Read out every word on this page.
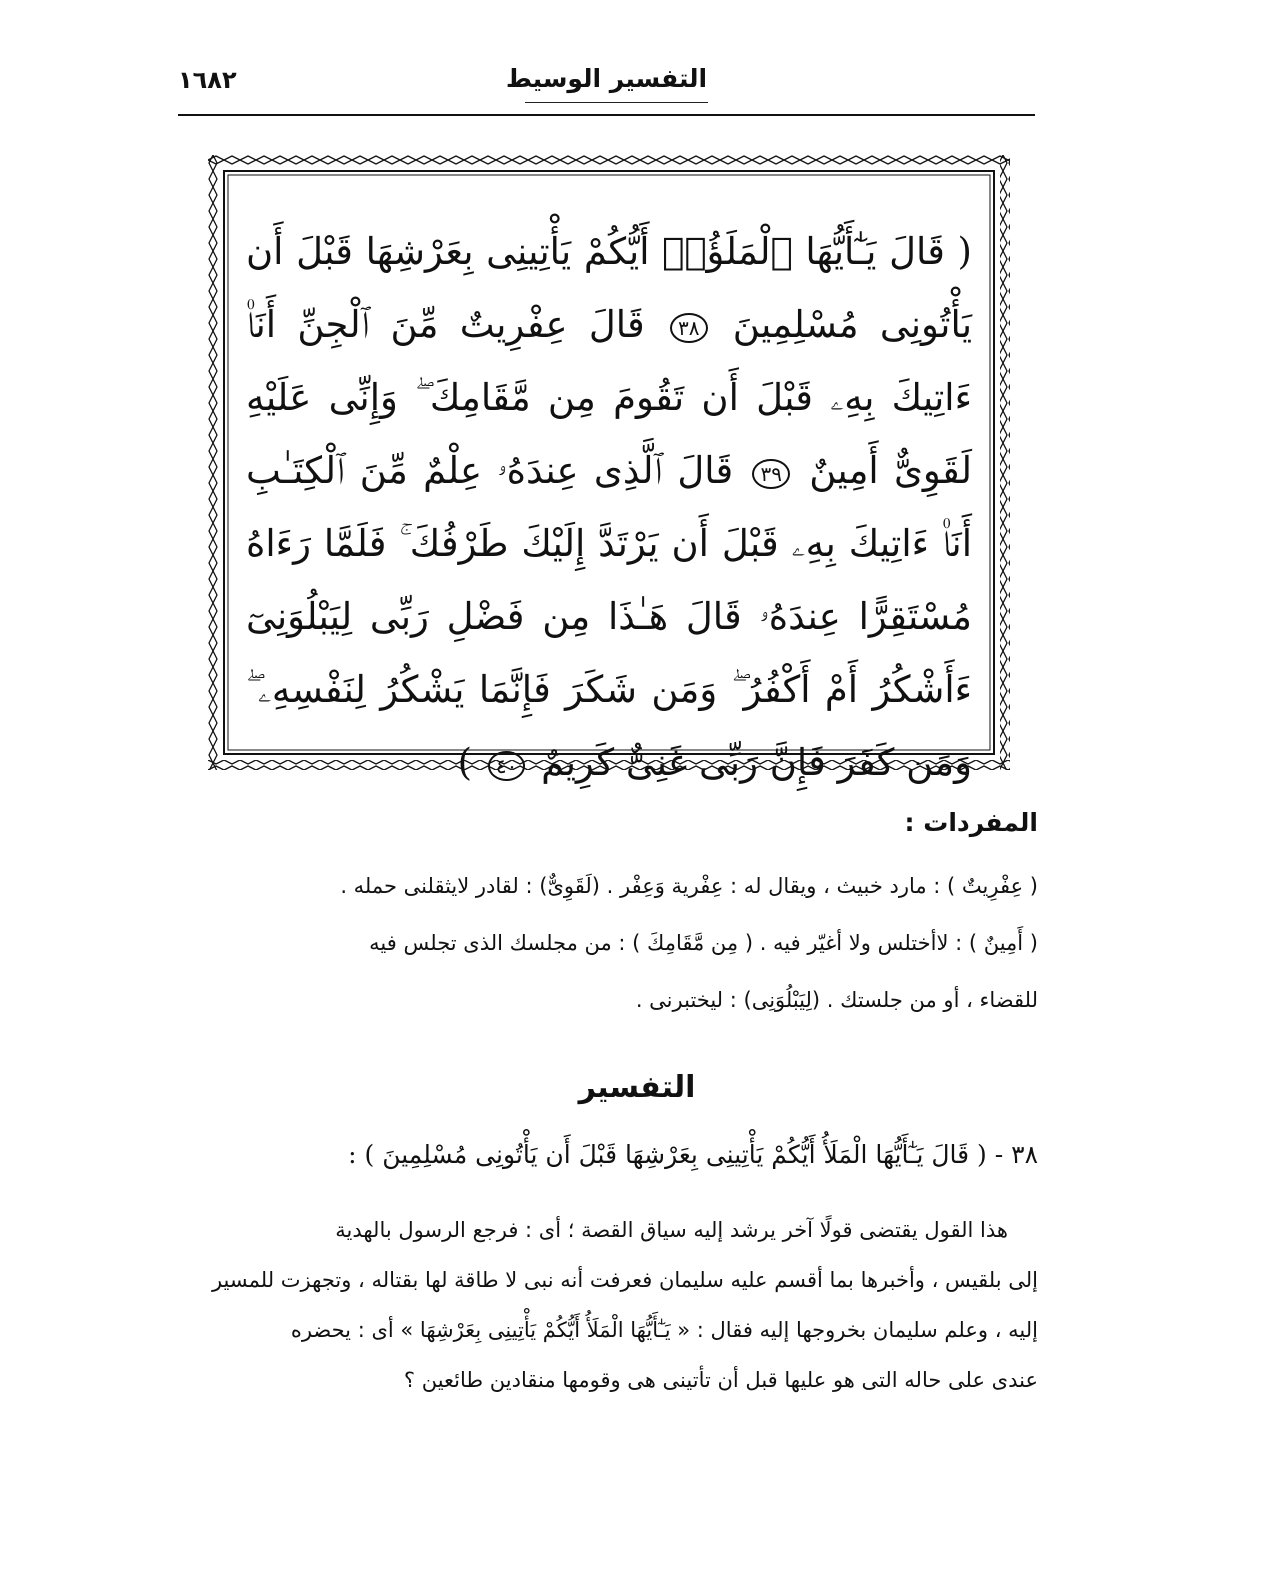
١٦٨٢	التفسير الوسيط
( قَالَ يَـٰٓأَيُّهَا ٱلْمَلَؤُا۟ أَيُّكُمْ يَأْتِينِى بِعَرْشِهَا قَبْلَ أَن يَأْتُونِى مُسْلِمِينَ ٣٨ قَالَ عِفْرِيتٌ مِّنَ ٱلْجِنِّ أَنَا۠ ءَاتِيكَ بِهِۦ قَبْلَ أَن تَقُومَ مِن مَّقَامِكَ ۖ وَإِنِّى عَلَيْهِ لَقَوِىٌّ أَمِينٌ ٣٩ قَالَ ٱلَّذِى عِندَهُۥ عِلْمٌ مِّنَ ٱلْكِتَـٰبِ أَنَا۠ ءَاتِيكَ بِهِۦ قَبْلَ أَن يَرْتَدَّ إِلَيْكَ طَرْفُكَ ۚ فَلَمَّا رَءَاهُ مُسْتَقِرًّا عِندَهُۥ قَالَ هَـٰذَا مِن فَضْلِ رَبِّى لِيَبْلُوَنِىٓ ءَأَشْكُرُ أَمْ أَكْفُرُ ۖ وَمَن شَكَرَ فَإِنَّمَا يَشْكُرُ لِنَفْسِهِۦ ۖ وَمَن كَفَرَ فَإِنَّ رَبِّى غَنِىٌّ كَرِيمٌ ٤٠ )
المفردات :
( عِفْرِيتٌ ) : مارد خبيث ، ويقال له : عِفْرية وَعِفْر . (لَقَوِىٌّ) : لقادر لايثقلنى حمله .
( أَمِينٌ ) : لاأختلس ولا أغيّر فيه . ( مِن مَّقَامِكَ ) : من مجلسك الذى تجلس فيه
للقضاء ، أو من جلستك . (لِيَبْلُوَنِى) : ليختبرنى .
التفسير
٣٨ - ( قَالَ يَـٰٓأَيُّهَا الْمَلَأُ أَيُّكُمْ يَأْتِينِى بِعَرْشِهَا قَبْلَ أَن يَأْتُونِى مُسْلِمِينَ ) :
هذا القول يقتضى قولًا آخر يرشد إليه سياق القصة ؛ أى : فرجع الرسول بالهدية
إلى بلقيس ، وأخبرها بما أقسم عليه سليمان فعرفت أنه نبى لا طاقة لها بقتاله ، وتجهزت للمسير
إليه ، وعلم سليمان بخروجها إليه فقال : « يَـٰٓأَيُّهَا الْمَلَأُ أَيُّكُمْ يَأْتِينِى بِعَرْشِهَا » أى : يحضره
عندى على حاله التى هو عليها قبل أن تأتينى هى وقومها منقادين طائعين ؟
